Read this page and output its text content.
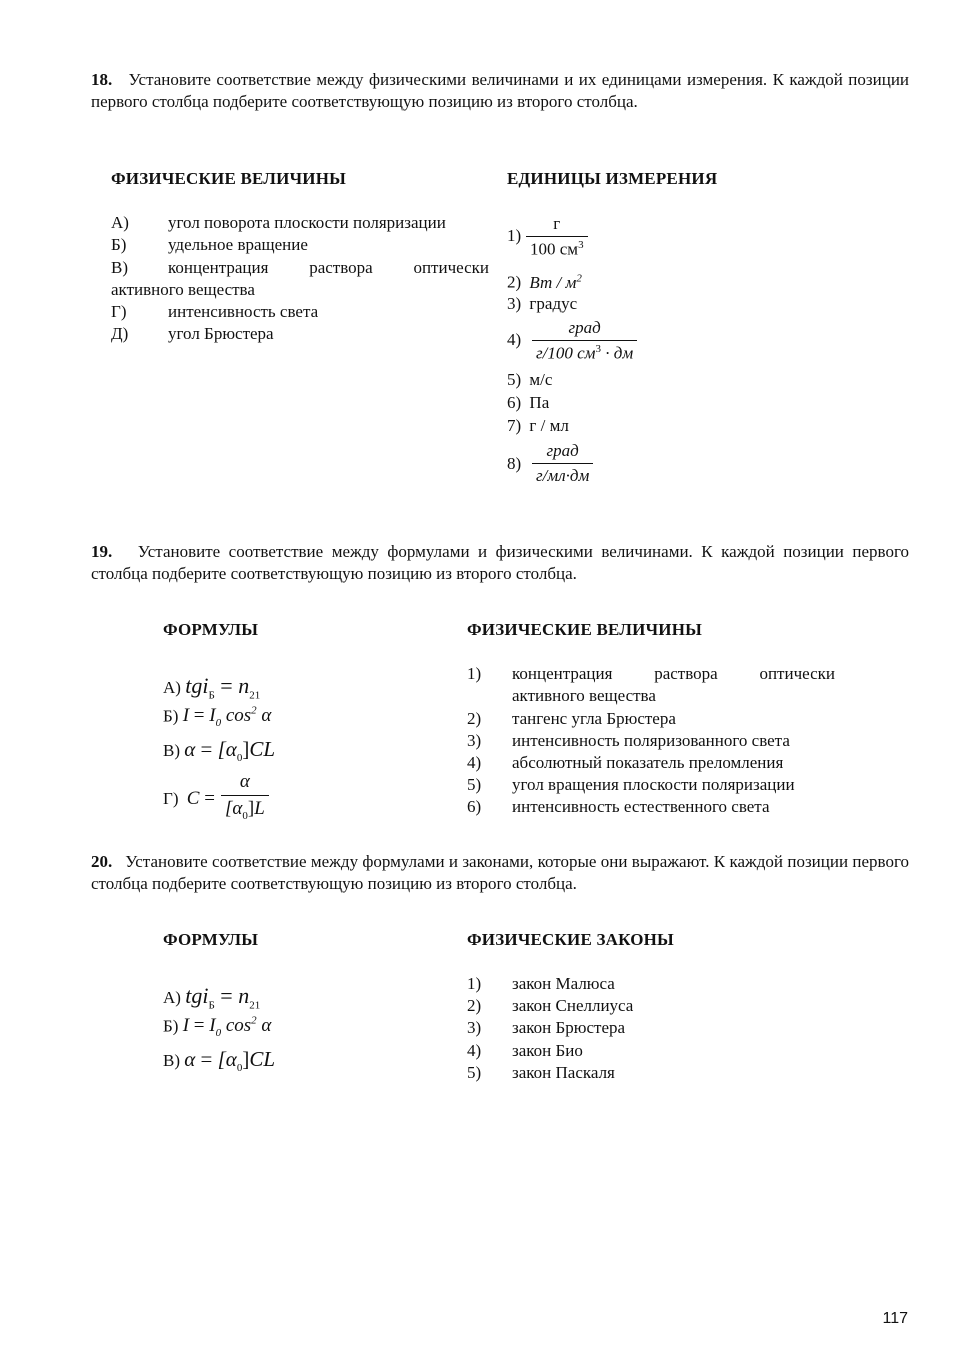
18. Установите соответствие между физическими величинами и их единицами измерения. К каждой позиции первого столбца подберите соответствующую позицию из второго столбца.
ФИЗИЧЕСКИЕ ВЕЛИЧИНЫ	ЕДИНИЦЫ ИЗМЕРЕНИЯ
А) угол поворота плоскости поляризации
Б) удельное вращение
В) концентрация раствора оптически
активного вещества
Г) интенсивность света
Д) угол Брюстера
1)
г
100 $см^3$
2) Вт / $м^2$
3) градус
4)
град
г/100 $см^3$ · дм
5) м/с
6) Па
7) г / мл
8)
град
г/мл·дм
19. Установите соответствие между формулами и физическими величинами. К каждой позиции первого столбца подберите соответствующую позицию из второго столбца.
ФОРМУЛЫ	ФИЗИЧЕСКИЕ ВЕЛИЧИНЫ
А) $tgi_Б = n_{21}$
Б) $I = I_0$ $\cos^2 \alpha$
В) $\alpha = [\alpha_0]CL$
Г) $C = \frac{\alpha}{[\alpha_0]L}$
1) концентрация раствора оптически
активного вещества
2) тангенс угла Брюстера
3) интенсивность поляризованного света
4) абсолютный показатель преломления
5) угол вращения плоскости поляризации
6) интенсивность естественного света
20. Установите соответствие между формулами и законами, которые они выражают. К каждой позиции первого столбца подберите соответствующую позицию из второго столбца.
ФОРМУЛЫ	ФИЗИЧЕСКИЕ ЗАКОНЫ
А) $tgi_Б = n_{21}$
Б) $I = I_0$ $\cos^2 \alpha$
В) $\alpha = [\alpha_0]CL$
1) закон Малюса
2) закон Снеллиуса
3) закон Брюстера
4) закон Био
5) закон Паскаля
117
